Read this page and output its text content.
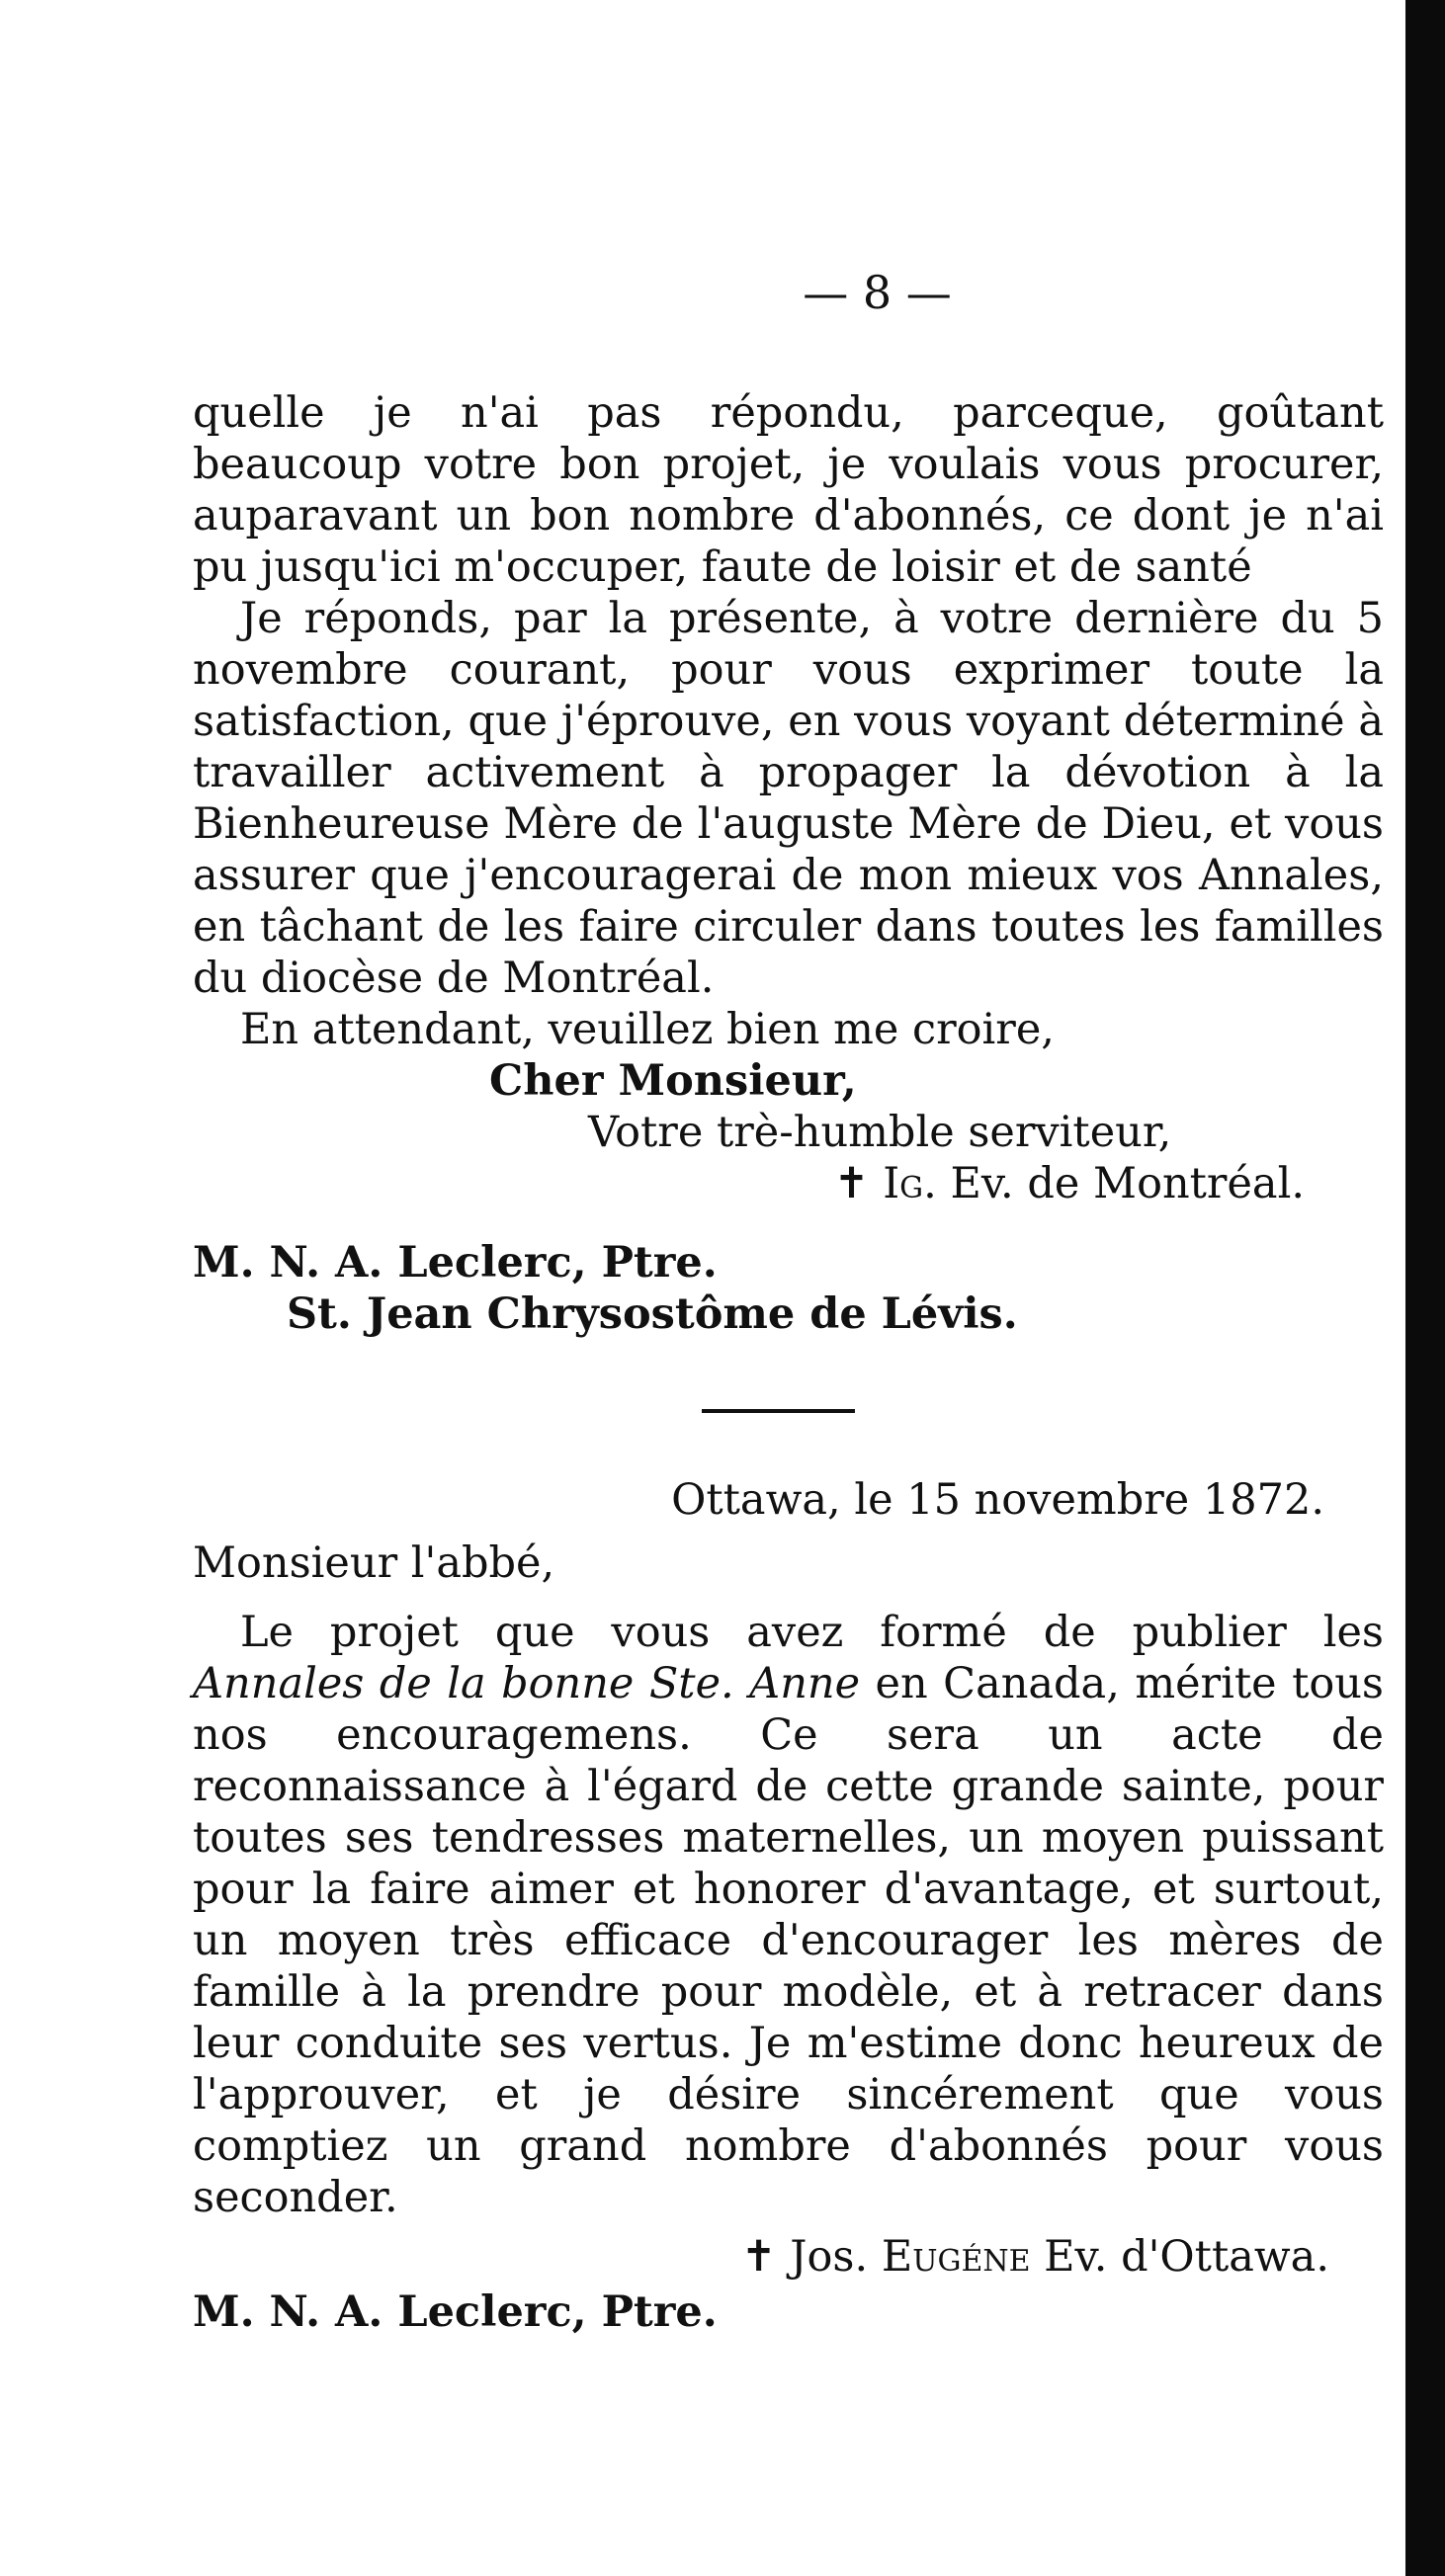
— 8 —

quelle je n'ai pas répondu, parceque, goûtant beaucoup votre bon projet, je voulais vous procurer, auparavant un bon nombre d'abonnés, ce dont je n'ai pu jusqu'ici m'occuper, faute de loisir et de santé

Je réponds, par la présente, à votre dernière du 5 novembre courant, pour vous exprimer toute la satisfaction, que j'éprouve, en vous voyant déterminé à travailler activement à propager la dévotion à la Bienheureuse Mère de l'auguste Mère de Dieu, et vous assurer que j'encouragerai de mon mieux vos Annales, en tâchant de les faire circuler dans toutes les familles du diocèse de Montréal.

En attendant, veuillez bien me croire,
Cher Monsieur,
Votre trè-humble serviteur,
✝ Ig. Ev. de Montréal.
M. N. A. Leclerc, Ptre.
St. Jean Chrysostôme de Lévis.
Ottawa, le 15 novembre 1872.
Monsieur l'abbé,

Le projet que vous avez formé de publier les Annales de la bonne Ste. Anne en Canada, mérite tous nos encouragemens. Ce sera un acte de reconnaissance à l'égard de cette grande sainte, pour toutes ses tendresses maternelles, un moyen puissant pour la faire aimer et honorer d'avantage, et surtout, un moyen très efficace d'encourager les mères de famille à la prendre pour modèle, et à retracer dans leur conduite ses vertus. Je m'estime donc heureux de l'approuver, et je désire sincérement que vous comptiez un grand nombre d'abonnés pour vous seconder.

✝ Jos. Eugéne Ev. d'Ottawa.
M. N. A. Leclerc, Ptre.
